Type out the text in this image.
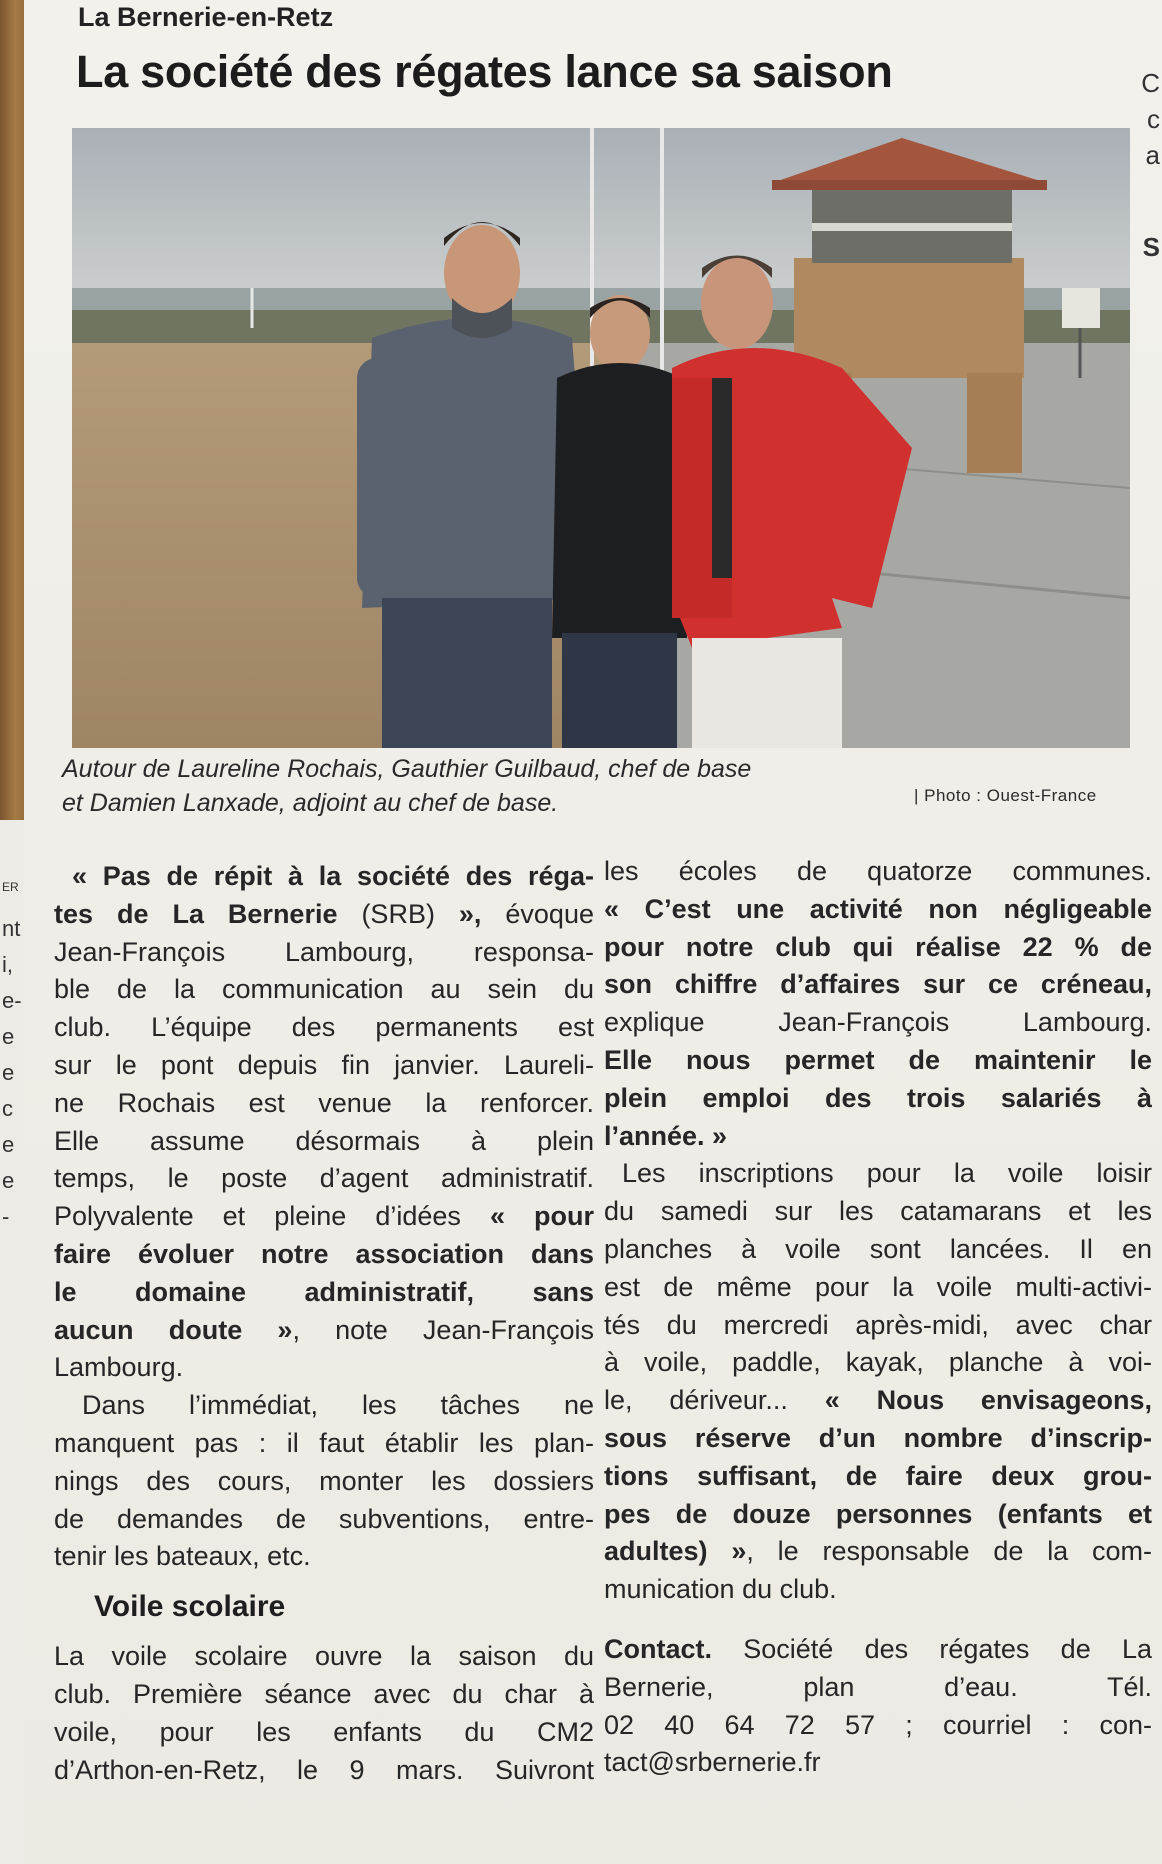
ER
nt
i,
e-
e
e
c
e
e
-
La Bernerie-en-Retz
La société des régates lance sa saison	C
c
a
S
Autour de Laureline Rochais, Gauthier Guilbaud, chef de base
et Damien Lanxade, adjoint au chef de base.	| Photo : Ouest-France
« Pas de répit à la société des réga-
tes de La Bernerie (SRB) », évoque
Jean-François Lambourg, responsa-
ble de la communication au sein du
club. L’équipe des permanents est
sur le pont depuis fin janvier. Laureli-
ne Rochais est venue la renforcer.
Elle assume désormais à plein
temps, le poste d’agent administratif.
Polyvalente et pleine d’idées « pour
faire évoluer notre association dans
le domaine administratif, sans
aucun doute », note Jean-François
Lambourg.
Dans l’immédiat, les tâches ne
manquent pas : il faut établir les plan-
nings des cours, monter les dossiers
de demandes de subventions, entre-
tenir les bateaux, etc.
Voile scolaire
La voile scolaire ouvre la saison du
club. Première séance avec du char à
voile, pour les enfants du CM2
d’Arthon-en-Retz, le 9 mars. Suivront
les écoles de quatorze communes.
« C’est une activité non négligeable
pour notre club qui réalise 22 % de
son chiffre d’affaires sur ce créneau,
explique Jean-François Lambourg.
Elle nous permet de maintenir le
plein emploi des trois salariés à
l’année. »
Les inscriptions pour la voile loisir
du samedi sur les catamarans et les
planches à voile sont lancées. Il en
est de même pour la voile multi-activi-
tés du mercredi après-midi, avec char
à voile, paddle, kayak, planche à voi-
le, dériveur... « Nous envisageons,
sous réserve d’un nombre d’inscrip-
tions suffisant, de faire deux grou-
pes de douze personnes (enfants et
adultes) », le responsable de la com-
munication du club.
Contact. Société des régates de La
Bernerie, plan d’eau. Tél.
02 40 64 72 57 ; courriel : con-
tact@srbernerie.fr
